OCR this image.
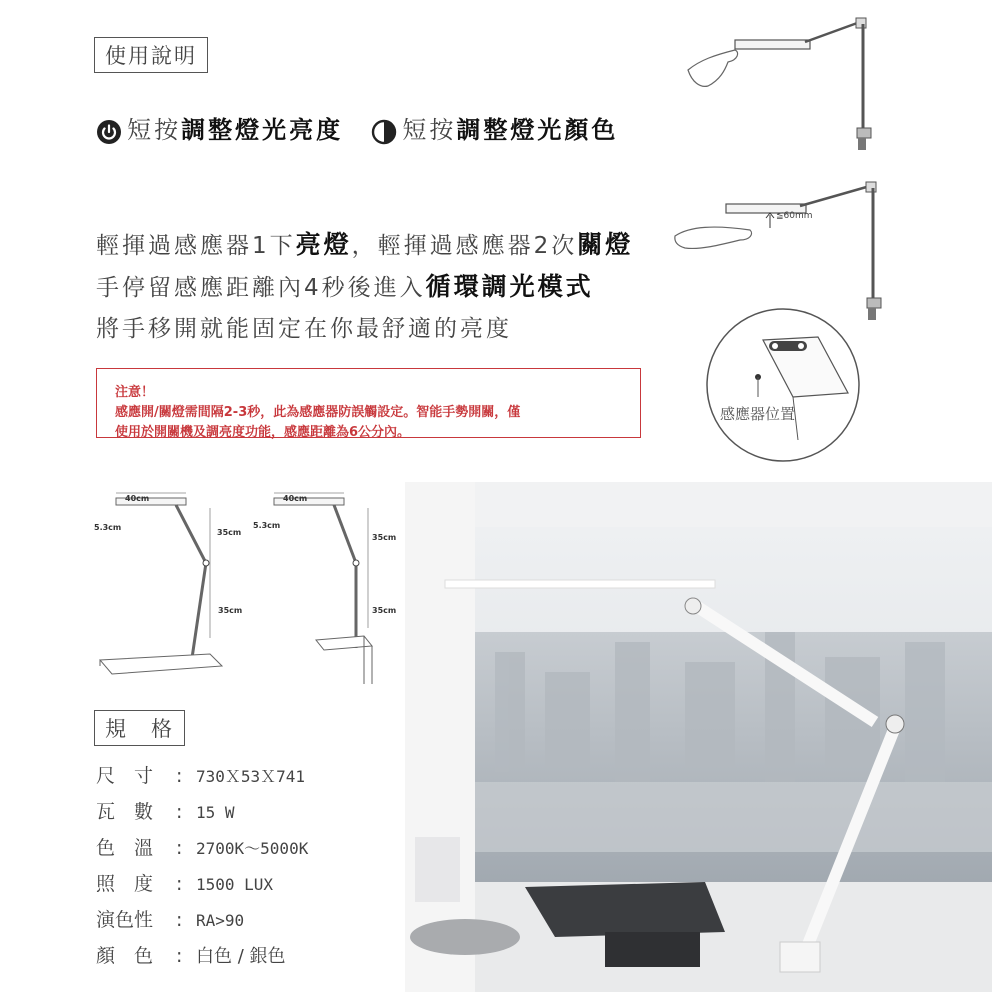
使用說明
短按調整燈光亮度 短按調整燈光顏色
輕揮過感應器1下亮燈，輕揮過感應器2次關燈
手停留感應距離內4秒後進入循環調光模式
將手移開就能固定在你最舒適的亮度
≦60mm
感應器位置
注意！
感應開/關燈需間隔2-3秒，此為感應器防誤觸設定。智能手勢開關，僅
使用於開關機及調亮度功能，感應距離為6公分內。
40cm
5.3cm
35cm
35cm
40cm
5.3cm
35cm
35cm
規　格
尺　寸 : 730Ｘ53Ｘ741
瓦　數 : 15 W
色　溫 : 2700K～5000K
照　度 : 1500 LUX
演色性 : RA>90
顏　色 : 白色 / 銀色
